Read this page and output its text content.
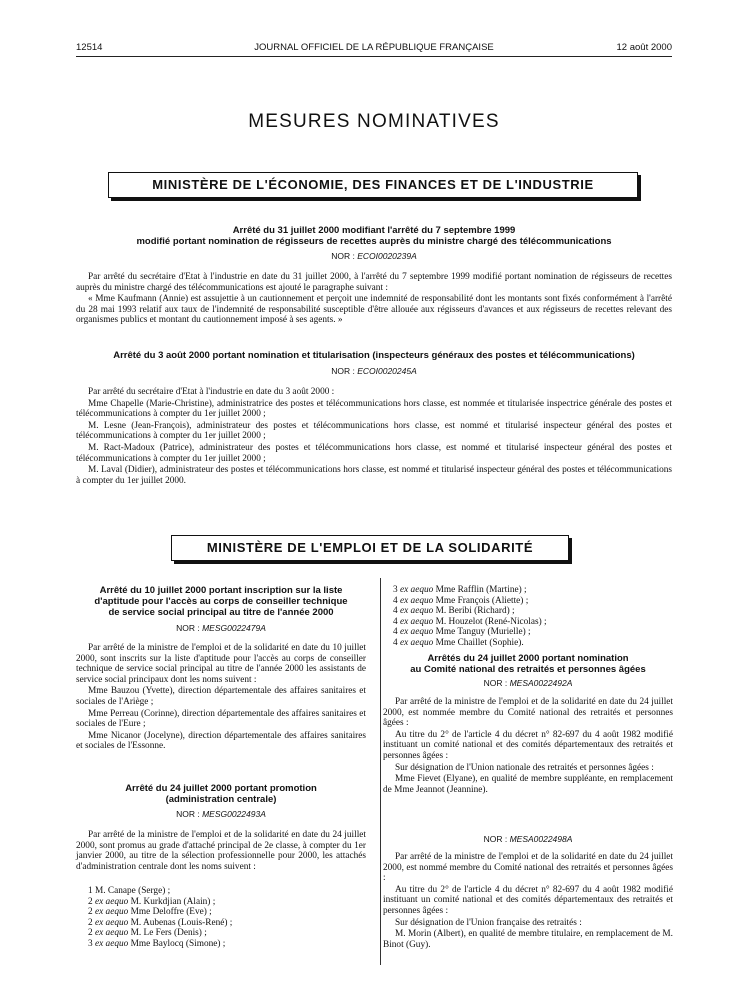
12514	JOURNAL OFFICIEL DE LA RÉPUBLIQUE FRANÇAISE	12 août 2000
MESURES NOMINATIVES
MINISTÈRE DE L'ÉCONOMIE, DES FINANCES ET DE L'INDUSTRIE
Arrêté du 31 juillet 2000 modifiant l'arrêté du 7 septembre 1999
modifié portant nomination de régisseurs de recettes auprès du ministre chargé des télécommunications
NOR : ECOI0020239A

Par arrêté du secrétaire d'Etat à l'industrie en date du 31 juillet 2000, à l'arrêté du 7 septembre 1999 modifié portant nomination de régisseurs de recettes auprès du ministre chargé des télécommunications est ajouté le paragraphe suivant :

« Mme Kaufmann (Annie) est assujettie à un cautionnement et perçoit une indemnité de responsabilité dont les montants sont fixés conformément à l'arrêté du 28 mai 1993 relatif aux taux de l'indemnité de responsabilité susceptible d'être allouée aux régisseurs d'avances et aux régisseurs de recettes relevant des organismes publics et montant du cautionnement imposé à ses agents. »

Arrêté du 3 août 2000 portant nomination et titularisation (inspecteurs généraux des postes et télécommunications)
NOR : ECOI0020245A

Par arrêté du secrétaire d'Etat à l'industrie en date du 3 août 2000 :

Mme Chapelle (Marie-Christine), administratrice des postes et télécommunications hors classe, est nommée et titularisée inspectrice générale des postes et télécommunications à compter du 1er juillet 2000 ;

M. Lesne (Jean-François), administrateur des postes et télécommunications hors classe, est nommé et titularisé inspecteur général des postes et télécommunications à compter du 1er juillet 2000 ;

M. Ract-Madoux (Patrice), administrateur des postes et télécommunications hors classe, est nommé et titularisé inspecteur général des postes et télécommunications à compter du 1er juillet 2000 ;

M. Laval (Didier), administrateur des postes et télécommunications hors classe, est nommé et titularisé inspecteur général des postes et télécommunications à compter du 1er juillet 2000.

MINISTÈRE DE L'EMPLOI ET DE LA SOLIDARITÉ
Arrêté du 10 juillet 2000 portant inscription sur la liste
d'aptitude pour l'accès au corps de conseiller technique
de service social principal au titre de l'année 2000
NOR : MESG0022479A

Par arrêté de la ministre de l'emploi et de la solidarité en date du 10 juillet 2000, sont inscrits sur la liste d'aptitude pour l'accès au corps de conseiller technique de service social principal au titre de l'année 2000 les assistants de service social principaux dont les noms suivent :

Mme Bauzou (Yvette), direction départementale des affaires sanitaires et sociales de l'Ariège ;

Mme Perreau (Corinne), direction départementale des affaires sanitaires et sociales de l'Eure ;

Mme Nicanor (Jocelyne), direction départementale des affaires sanitaires et sociales de l'Essonne.

Arrêté du 24 juillet 2000 portant promotion
(administration centrale)
NOR : MESG0022493A

Par arrêté de la ministre de l'emploi et de la solidarité en date du 24 juillet 2000, sont promus au grade d'attaché principal de 2e classe, à compter du 1er janvier 2000, au titre de la sélection professionnelle pour 2000, les attachés d'administration centrale dont les noms suivent :

1 M. Canape (Serge) ;
2 ex aequo M. Kurkdjian (Alain) ;
2 ex aequo Mme Deloffre (Eve) ;
2 ex aequo M. Aubenas (Louis-René) ;
2 ex aequo M. Le Fers (Denis) ;
3 ex aequo Mme Baylocq (Simone) ;
3 ex aequo Mme Rafflin (Martine) ;
4 ex aequo Mme François (Aliette) ;
4 ex aequo M. Beribi (Richard) ;
4 ex aequo M. Houzelot (René-Nicolas) ;
4 ex aequo Mme Tanguy (Murielle) ;
4 ex aequo Mme Chaillet (Sophie).
Arrêtés du 24 juillet 2000 portant nomination
au Comité national des retraités et personnes âgées
NOR : MESA0022492A

Par arrêté de la ministre de l'emploi et de la solidarité en date du 24 juillet 2000, est nommée membre du Comité national des retraités et personnes âgées :

Au titre du 2° de l'article 4 du décret n° 82-697 du 4 août 1982 modifié instituant un comité national et des comités départementaux des retraités et personnes âgées :

Sur désignation de l'Union nationale des retraités et personnes âgées :

Mme Fievet (Elyane), en qualité de membre suppléante, en remplacement de Mme Jeannot (Jeannine).

NOR : MESA0022498A

Par arrêté de la ministre de l'emploi et de la solidarité en date du 24 juillet 2000, est nommé membre du Comité national des retraités et personnes âgées :

Au titre du 2° de l'article 4 du décret n° 82-697 du 4 août 1982 modifié instituant un comité national et des comités départementaux des retraités et personnes âgées :

Sur désignation de l'Union française des retraités :

M. Morin (Albert), en qualité de membre titulaire, en remplacement de M. Binot (Guy).
